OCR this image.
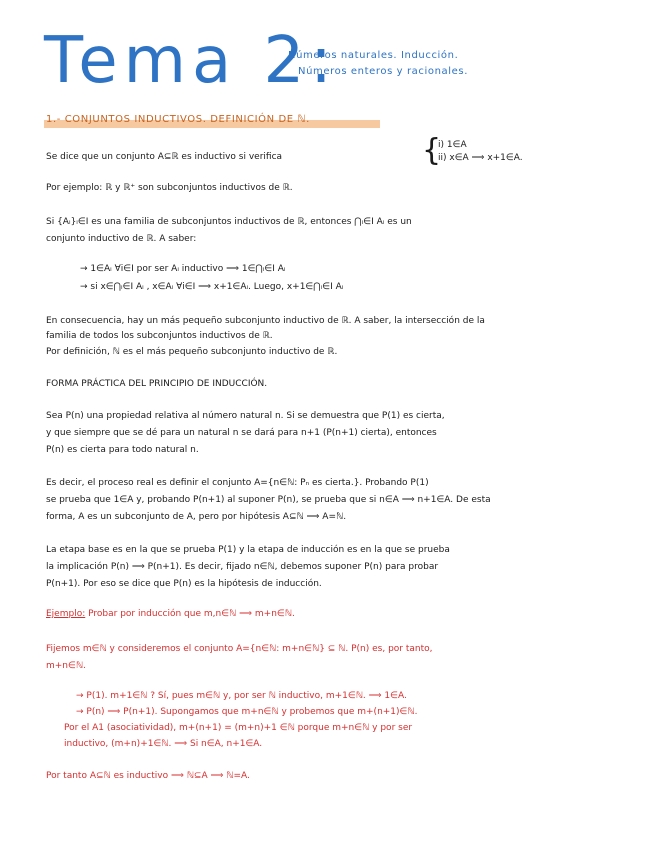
Tema 2:
Números naturales. Inducción.
Números enteros y racionales.
1.- CONJUNTOS INDUCTIVOS. DEFINICIÓN DE ℕ.
Se dice que un conjunto A⊆ℝ es inductivo si verifica	{
i) 1∈A
ii) x∈A ⟹ x+1∈A.
Por ejemplo: ℝ y ℝ⁺ son subconjuntos inductivos de ℝ.
Si {Aᵢ}ᵢ∈I es una familia de subconjuntos inductivos de ℝ, entonces ⋂ᵢ∈I Aᵢ es un
conjunto inductivo de ℝ. A saber:
→ 1∈Aᵢ ∀i∈I por ser Aᵢ inductivo ⟹ 1∈⋂ᵢ∈I Aᵢ
→ si x∈⋂ᵢ∈I Aᵢ , x∈Aᵢ ∀i∈I ⟹ x+1∈Aᵢ. Luego, x+1∈⋂ᵢ∈I Aᵢ
En consecuencia, hay un más pequeño subconjunto inductivo de ℝ. A saber, la intersección de la
familia de todos los subconjuntos inductivos de ℝ.
Por definición, ℕ es el más pequeño subconjunto inductivo de ℝ.
FORMA PRÁCTICA DEL PRINCIPIO DE INDUCCIÓN.
Sea P(n) una propiedad relativa al número natural n. Si se demuestra que P(1) es cierta,
y que siempre que se dé para un natural n se dará para n+1 (P(n+1) cierta), entonces
P(n) es cierta para todo natural n.
Es decir, el proceso real es definir el conjunto A={n∈ℕ: Pₙ es cierta.}. Probando P(1)
se prueba que 1∈A y, probando P(n+1) al suponer P(n), se prueba que si n∈A ⟹ n+1∈A. De esta
forma, A es un subconjunto de A, pero por hipótesis A⊆ℕ ⟹ A=ℕ.
La etapa base es en la que se prueba P(1) y la etapa de inducción es en la que se prueba
la implicación P(n) ⟹ P(n+1). Es decir, fijado n∈ℕ, debemos suponer P(n) para probar
P(n+1). Por eso se dice que P(n) es la hipótesis de inducción.
Ejemplo: Probar por inducción que m,n∈ℕ ⟹ m+n∈ℕ.
Fijemos m∈ℕ y consideremos el conjunto A={n∈ℕ: m+n∈ℕ} ⊆ ℕ. P(n) es, por tanto,
m+n∈ℕ.
→ P(1). m+1∈ℕ ? Sí, pues m∈ℕ y, por ser ℕ inductivo, m+1∈ℕ. ⟹ 1∈A.
→ P(n) ⟹ P(n+1). Supongamos que m+n∈ℕ y probemos que m+(n+1)∈ℕ.
Por el A1 (asociatividad), m+(n+1) = (m+n)+1 ∈ℕ porque m+n∈ℕ y por ser
inductivo, (m+n)+1∈ℕ. ⟹ Si n∈A, n+1∈A.
Por tanto A⊆ℕ es inductivo ⟹ ℕ⊆A ⟹ ℕ=A.
